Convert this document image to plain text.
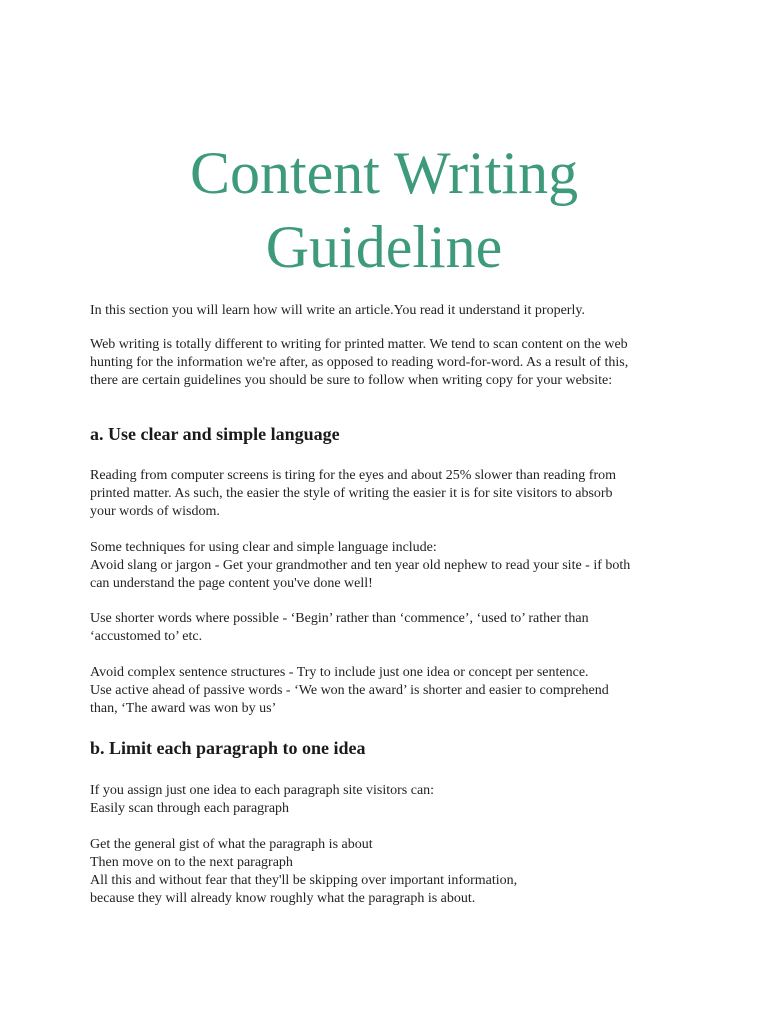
Content Writing
Guideline

In this section you will learn how will write an article.You read it understand it properly.

Web writing is totally different to writing for printed matter. We tend to scan content on the web
hunting for the information we're after, as opposed to reading word-for-word. As a result of this,
there are certain guidelines you should be sure to follow when writing copy for your website:

a. Use clear and simple language

Reading from computer screens is tiring for the eyes and about 25% slower than reading from
printed matter. As such, the easier the style of writing the easier it is for site visitors to absorb
your words of wisdom.

Some techniques for using clear and simple language include:
Avoid slang or jargon - Get your grandmother and ten year old nephew to read your site - if both
can understand the page content you've done well!

Use shorter words where possible - ‘Begin’ rather than ‘commence’, ‘used to’ rather than
‘accustomed to’ etc.

Avoid complex sentence structures - Try to include just one idea or concept per sentence.
Use active ahead of passive words - ‘We won the award’ is shorter and easier to comprehend
than, ‘The award was won by us’

b. Limit each paragraph to one idea

If you assign just one idea to each paragraph site visitors can:
Easily scan through each paragraph

Get the general gist of what the paragraph is about
Then move on to the next paragraph
All this and without fear that they'll be skipping over important information,
because they will already know roughly what the paragraph is about.
